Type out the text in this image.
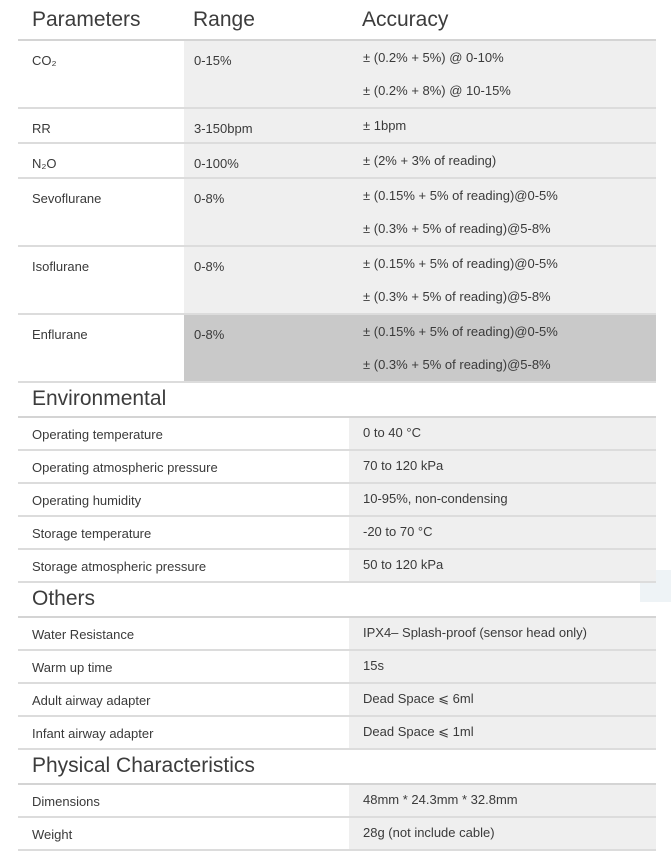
Parameters Range	Accuracy
CO₂	0-15%	± (0.2% + 5%) @ 0-10%
± (0.2% + 8%) @ 10-15%
RR	3-150bpm	± 1bpm
N₂O	0-100%	± (2% + 3% of reading)
Sevoflurane	0-8%	± (0.15% + 5% of reading)@0-5%
± (0.3% + 5% of reading)@5-8%
Isoflurane	0-8%	± (0.15% + 5% of reading)@0-5%
± (0.3% + 5% of reading)@5-8%
Enflurane	0-8%	± (0.15% + 5% of reading)@0-5%
± (0.3% + 5% of reading)@5-8%
Environmental
Operating temperature	0 to 40 °C
Operating atmospheric pressure	70 to 120 kPa
Operating humidity	10-95%, non-condensing
Storage temperature	-20 to 70 °C
Storage atmospheric pressure	50 to 120 kPa
Others
Water Resistance	IPX4– Splash-proof (sensor head only)
Warm up time	15s
Adult airway adapter	Dead Space ⩽ 6ml
Infant airway adapter	Dead Space ⩽ 1ml
Physical Characteristics
Dimensions	48mm * 24.3mm * 32.8mm
Weight	28g (not include cable)
